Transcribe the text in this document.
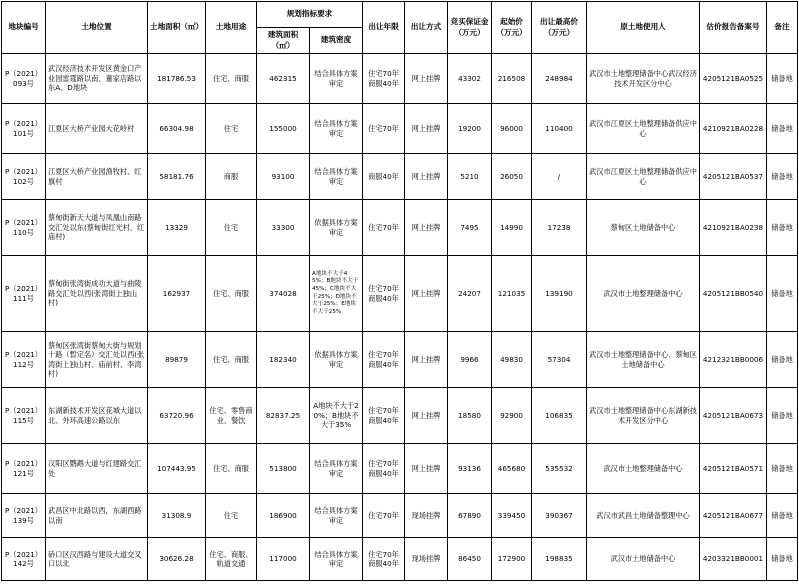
地块编号	土地位置	土地面积（㎡）	土地用途	规划指标要求		出让年限	出让方式	竞买保证金（万元）	起始价（万元）	出让最高价（万元）	原土地使用人	估价报告备案号	备注
				建筑面积（㎡）	建筑密度								
P（2021）093号	武汉经济技术开发区黄金口产业园雷霆路以南、董家店路以东A、D地块	181786.53	住宅、商服	462315	结合具体方案审定	住宅70年商服40年	网上挂牌	43302	216508	248984	武汉市土地整理储备中心武汉经济技术开发区分中心	4205121BA0525	储备地
P（2021）101号	江夏区大桥产业园大花岭村	66304.98	住宅	155000	结合具体方案审定	住宅70年	网上挂牌	19200	96000	110400	武汉市江夏区土地整理储备供应中心	4210921BA0228	储备地
P（2021）102号	江夏区大桥产业园渔牧村、红旗村	58181.76	商服	93100	结合具体方案审定	商服40年	网上挂牌	5210	26050	/	武汉市江夏区土地整理储备供应中心	4205121BA0537	储备地
P（2021）110号	蔡甸街新天大道与凤凰山南路交汇处以东(蔡甸街红光村、红庙村)	13329	住宅	33300	依据具体方案审定	住宅70年	网上挂牌	7495	14990	17238	蔡甸区土地储备中心	4210921BA0238	储备地
P（2021）111号	蔡甸街张湾街成功大道与曲陵路交汇处以西(张湾街上独山村)	162937	住宅、商服	374028	A地块不大于45%；B地块不大于45%；C地块不大于25%；D地块不大于25%；E地块不大于25%	住宅70年商服40年	网上挂牌	24207	121035	139190	武汉市土地整理储备中心	4205121BB0540	储备地
P（2021）112号	蔡甸区张湾街蔡甸大街与规划十路（暂定名）交汇处以西(张湾街上独山村、庙前村、李湾村)	89879	住宅、商服	182340	依据具体方案审定	住宅70年商服40年	网上挂牌	9966	49830	57304	武汉市土地整理储备中心、蔡甸区土地储备中心	4212321BB0006	储备地
P（2021）115号	东湖新技术开发区花城大道以北、外环高速公路以东	63720.96	住宅、零售商业、餐饮	82837.25	A地块不大于20%；B地块不大于35%	住宅70年商服40年	网上挂牌	18580	92900	106835	武汉市土地整理储备中心东湖新技术开发区分中心	4205121BA0673	储备地
P（2021）121号	汉阳区鹦鹉大道与红建路交汇处	107443.95	住宅、商服	513800	结合具体方案审定	住宅70年商服40年	网上挂牌	93136	465680	535532	武汉市土地整理储备中心	4205121BA0571	储备地
P（2021）139号	武昌区中北路以西，东湖西路以南	31308.9	住宅	186900	结合具体方案审定	住宅70年	现场挂牌	67890	339450	390367	武汉市武昌土地储备整理中心	4205121BA0677	储备地
P（2021）142号	硚口区汉西路与建设大道交叉口以北	30626.28	住宅、商服、轨道交通	117000	结合具体方案审定	住宅70年商服40年	现场挂牌	86450	172900	198835	武汉市土地储备中心	4203321BB0001	储备地
